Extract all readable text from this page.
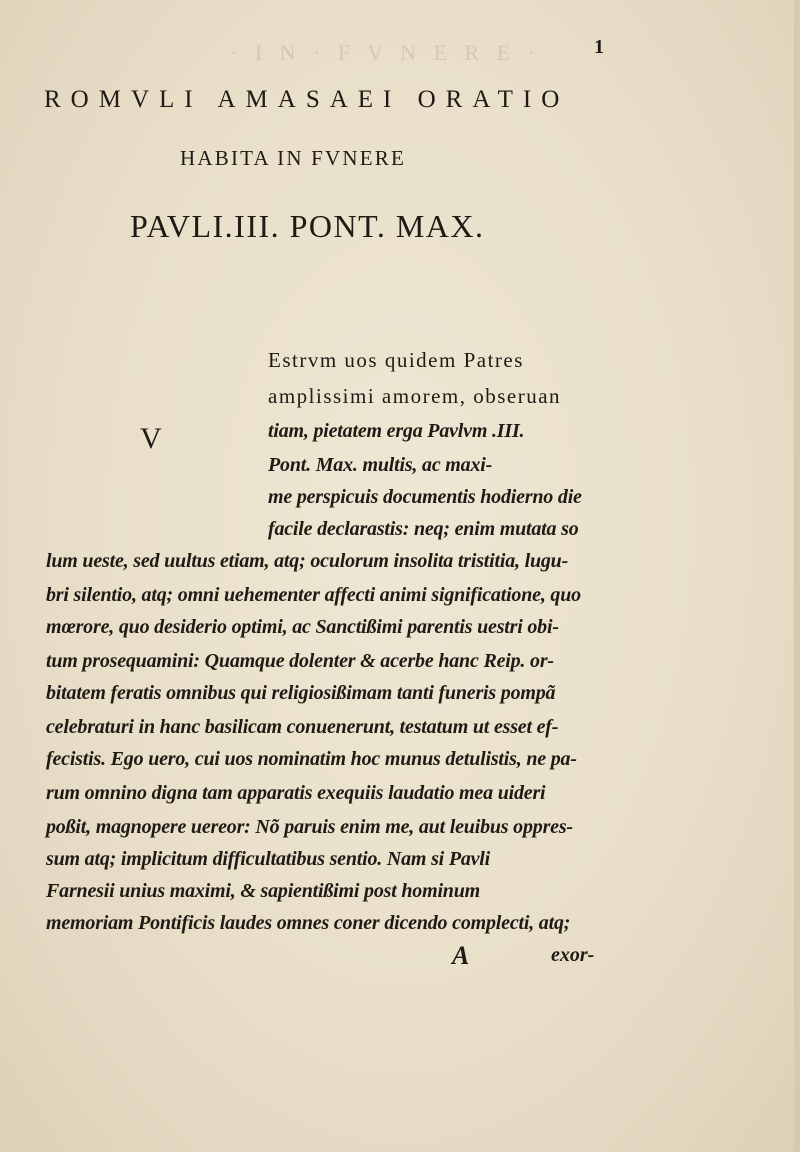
· I N · F V N E R E ·	1
ROMVLI AMASAEI ORATIO
HABITA IN FVNERE
PAVLI.III. PONT. MAX.
V
Estrvm uos quidem Patres
amplissimi amorem, obseruan
tiam, pietatem erga Pavlvm .III.
Pont. Max. multis, ac maxi-
me perspicuis documentis hodierno die
facile declarastis: neq; enim mutata so
lum ueste, sed uultus etiam, atq; oculorum insolita tristitia, lugu-
bri silentio, atq; omni uehementer affecti animi significatione, quo
mœrore, quo desiderio optimi, ac Sanctißimi parentis uestri obi-
tum prosequamini: Quamque dolenter & acerbe hanc Reip. or-
bitatem feratis omnibus qui religiosißimam tanti funeris pompã
celebraturi in hanc basilicam conuenerunt, testatum ut esset ef-
fecistis. Ego uero, cui uos nominatim hoc munus detulistis, ne pa-
rum omnino digna tam apparatis exequiis laudatio mea uideri
poßit, magnopere uereor: Nõ paruis enim me, aut leuibus oppres-
sum atq; implicitum difficultatibus sentio. Nam si Pavli
Farnesii unius maximi, & sapientißimi post hominum
memoriam Pontificis laudes omnes coner dicendo complecti, atq;
A	exor-
